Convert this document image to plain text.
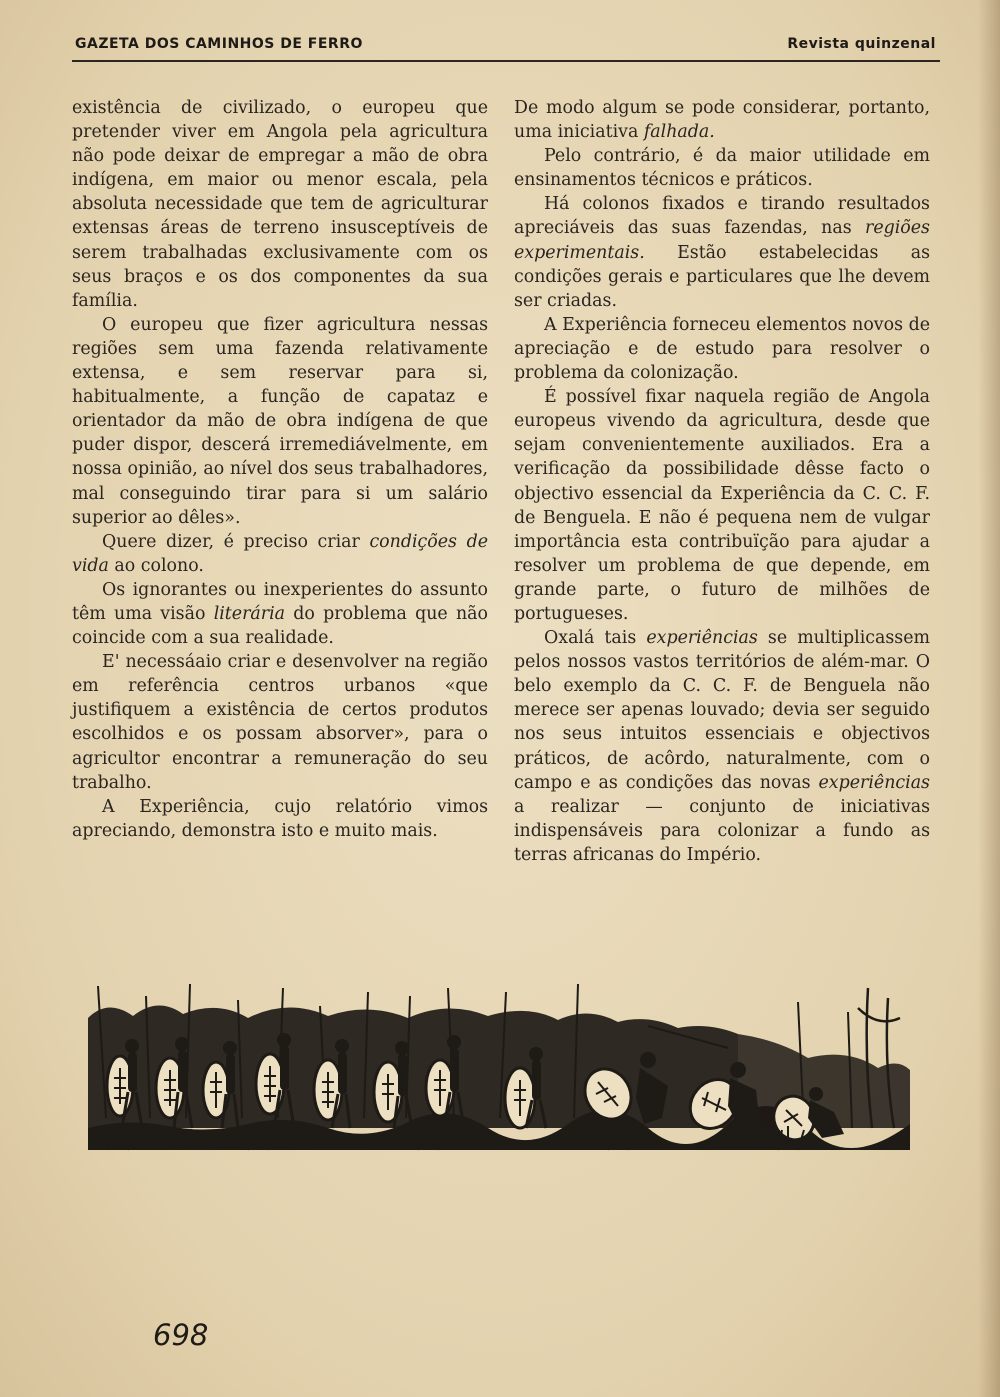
GAZETA DOS CAMINHOS DE FERRO	Revista quinzenal

existência de civilizado, o europeu que pretender viver em Angola pela agricultura não pode deixar de empregar a mão de obra indígena, em maior ou menor escala, pela absoluta necessidade que tem de agriculturar extensas áreas de terreno insusceptíveis de serem trabalhadas exclusivamente com os seus braços e os dos componentes da sua família.

O europeu que fizer agricultura nessas regiões sem uma fazenda relativamente extensa, e sem reservar para si, habitualmente, a função de capataz e orientador da mão de obra indígena de que puder dispor, descerá irremediávelmente, em nossa opinião, ao nível dos seus trabalhadores, mal conseguindo tirar para si um salário superior ao dêles».

Quere dizer, é preciso criar condições de vida ao colono.

Os ignorantes ou inexperientes do assunto têm uma visão literária do problema que não coincide com a sua realidade.

E' necessáaio criar e desenvolver na região em referência centros urbanos «que justifiquem a existência de certos produtos escolhidos e os possam absorver», para o agricultor encontrar a remuneração do seu trabalho.

A Experiência, cujo relatório vimos apreciando, demonstra isto e muito mais.

De modo algum se pode considerar, portanto, uma iniciativa falhada.

Pelo contrário, é da maior utilidade em ensinamentos técnicos e práticos.

Há colonos fixados e tirando resultados apreciáveis das suas fazendas, nas regiões experimentais. Estão estabelecidas as condições gerais e particulares que lhe devem ser criadas.

A Experiência forneceu elementos novos de apreciação e de estudo para resolver o problema da colonização.

É possível fixar naquela região de Angola europeus vivendo da agricultura, desde que sejam convenientemente auxiliados. Era a verificação da possibilidade dêsse facto o objectivo essencial da Experiência da C. C. F. de Benguela. E não é pequena nem de vulgar importância esta contribuïção para ajudar a resolver um problema de que depende, em grande parte, o futuro de milhões de portugueses.

Oxalá tais experiências se multiplicassem pelos nossos vastos territórios de além-mar. O belo exemplo da C. C. F. de Benguela não merece ser apenas louvado; devia ser seguido nos seus intuitos essenciais e objectivos práticos, de acôrdo, naturalmente, com o campo e as condições das novas experiências a realizar — conjunto de iniciativas indispensáveis para colonizar a fundo as terras africanas do Império.

698
